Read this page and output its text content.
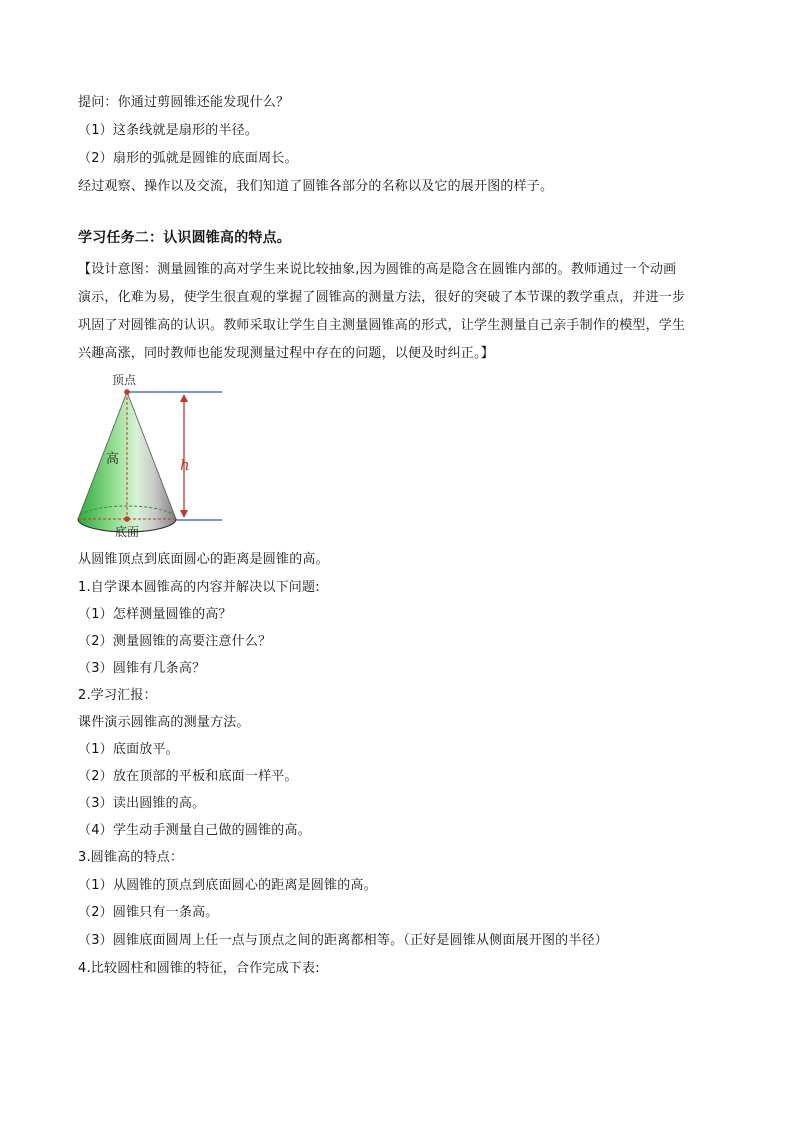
提问：你通过剪圆锥还能发现什么？
（1）这条线就是扇形的半径。
（2）扇形的弧就是圆锥的底面周长。
经过观察、操作以及交流，我们知道了圆锥各部分的名称以及它的展开图的样子。
学习任务二：认识圆锥高的特点。
【设计意图：测量圆锥的高对学生来说比较抽象,因为圆锥的高是隐含在圆锥内部的。教师通过一个动画
演示，化难为易，使学生很直观的掌握了圆锥高的测量方法，很好的突破了本节课的教学重点，并进一步
巩固了对圆锥高的认识。教师采取让学生自主测量圆锥高的形式，让学生测量自己亲手制作的模型，学生
兴趣高涨，同时教师也能发现测量过程中存在的问题，以便及时纠正。】
顶点
高	h
底面
从圆锥顶点到底面圆心的距离是圆锥的高。
1.自学课本圆锥高的内容并解决以下问题:
（1）怎样测量圆锥的高？
（2）测量圆锥的高要注意什么？
（3）圆锥有几条高？
2.学习汇报：
课件演示圆锥高的测量方法。
（1）底面放平。
（2）放在顶部的平板和底面一样平。
（3）读出圆锥的高。
（4）学生动手测量自己做的圆锥的高。
3.圆锥高的特点：
（1）从圆锥的顶点到底面圆心的距离是圆锥的高。
（2）圆锥只有一条高。
（3）圆锥底面圆周上任一点与顶点之间的距离都相等。（正好是圆锥从侧面展开图的半径）
4.比较圆柱和圆锥的特征，合作完成下表:
